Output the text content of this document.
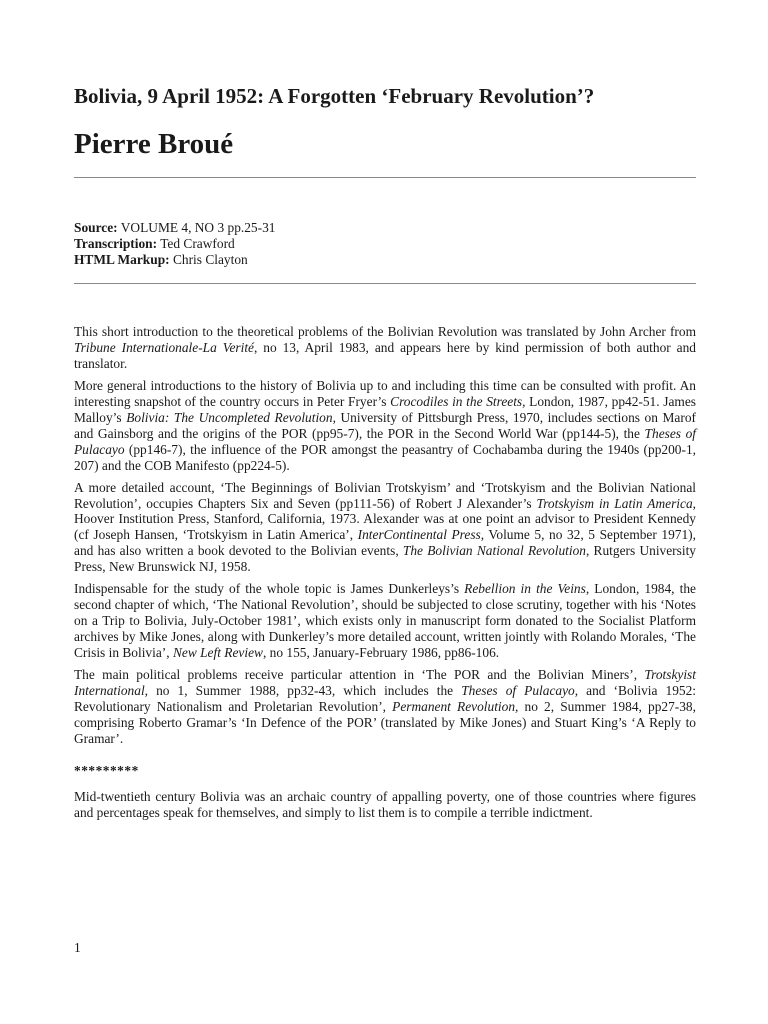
Bolivia, 9 April 1952: A Forgotten ‘February Revolution’?
Pierre Broué
Source: VOLUME 4, NO 3 pp.25-31
Transcription: Ted Crawford
HTML Markup: Chris Clayton

This short introduction to the theoretical problems of the Bolivian Revolution was translated by John Archer from Tribune Internationale-La Verité, no 13, April 1983, and appears here by kind permission of both author and translator.

More general introductions to the history of Bolivia up to and including this time can be consulted with profit. An interesting snapshot of the country occurs in Peter Fryer’s Crocodiles in the Streets, London, 1987, pp42-51. James Malloy’s Bolivia: The Uncompleted Revolution, University of Pittsburgh Press, 1970, includes sections on Marof and Gainsborg and the origins of the POR (pp95-7), the POR in the Second World War (pp144-5), the Theses of Pulacayo (pp146-7), the influence of the POR amongst the peasantry of Cochabamba during the 1940s (pp200-1, 207) and the COB Manifesto (pp224-5).

A more detailed account, ‘The Beginnings of Bolivian Trotskyism’ and ‘Trotskyism and the Bolivian National Revolution’, occupies Chapters Six and Seven (pp111-56) of Robert J Alexander’s Trotskyism in Latin America, Hoover Institution Press, Stanford, California, 1973. Alexander was at one point an advisor to President Kennedy (cf Joseph Hansen, ‘Trotskyism in Latin America’, InterContinental Press, Volume 5, no 32, 5 September 1971), and has also written a book devoted to the Bolivian events, The Bolivian National Revolution, Rutgers University Press, New Brunswick NJ, 1958.

Indispensable for the study of the whole topic is James Dunkerleys’s Rebellion in the Veins, London, 1984, the second chapter of which, ‘The National Revolution’, should be subjected to close scrutiny, together with his ‘Notes on a Trip to Bolivia, July-October 1981’, which exists only in manuscript form donated to the Socialist Platform archives by Mike Jones, along with Dunkerley’s more detailed account, written jointly with Rolando Morales, ‘The Crisis in Bolivia’, New Left Review, no 155, January-February 1986, pp86-106.

The main political problems receive particular attention in ‘The POR and the Bolivian Miners’, Trotskyist International, no 1, Summer 1988, pp32-43, which includes the Theses of Pulacayo, and ‘Bolivia 1952: Revolutionary Nationalism and Proletarian Revolution’, Permanent Revolution, no 2, Summer 1984, pp27-38, comprising Roberto Gramar’s ‘In Defence of the POR’ (translated by Mike Jones) and Stuart King’s ‘A Reply to Gramar’.

*********

Mid-twentieth century Bolivia was an archaic country of appalling poverty, one of those countries where figures and percentages speak for themselves, and simply to list them is to compile a terrible indictment.

1
